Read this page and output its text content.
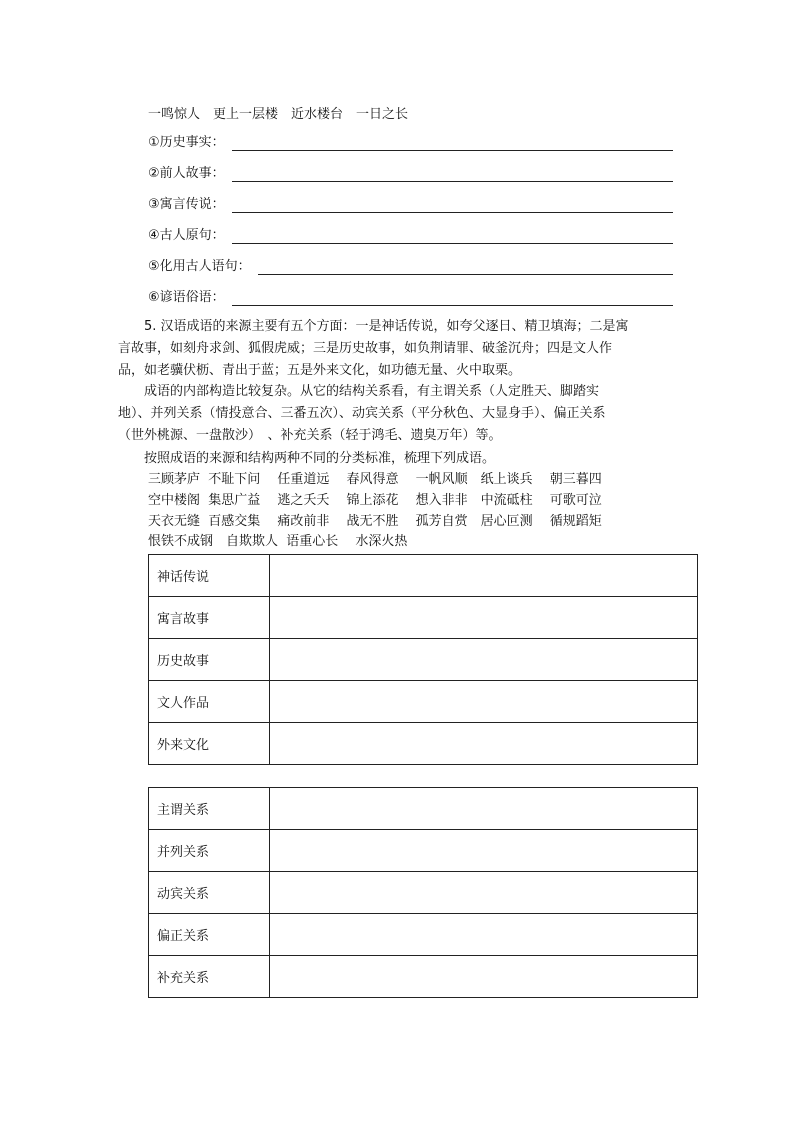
一鸣惊人　更上一层楼　近水楼台　一日之长
①历史事实：
②前人故事：
③寓言传说：
④古人原句：
⑤化用古人语句：
⑥谚语俗语：
　　5. 汉语成语的来源主要有五个方面：一是神话传说，如夸父逐日、精卫填海；二是寓
言故事，如刻舟求剑、狐假虎威；三是历史故事，如负荆请罪、破釜沉舟；四是文人作
品，如老骥伏枥、青出于蓝；五是外来文化，如功德无量、火中取栗。
　　成语的内部构造比较复杂。从它的结构关系看，有主谓关系（人定胜天、脚踏实
地）、并列关系（情投意合、三番五次）、动宾关系（平分秋色、大显身手）、偏正关系
（世外桃源、一盘散沙）　、补充关系（轻于鸿毛、遗臭万年）等。
　　按照成语的来源和结构两种不同的分类标准，梳理下列成语。
三顾茅庐  不耻下问　 任重道远　 春风得意　 一帆风顺　纸上谈兵　 朝三暮四
空中楼阁  集思广益　 逃之夭夭　 锦上添花　 想入非非　中流砥柱　 可歌可泣
天衣无缝  百感交集　 痛改前非　 战无不胜　 孤芳自赏　居心叵测　 循规蹈矩
恨铁不成钢　自欺欺人  语重心长　 水深火热
神话传说	
寓言故事	
历史故事	
文人作品	
外来文化	
主谓关系	
并列关系	
动宾关系	
偏正关系	
补充关系	
